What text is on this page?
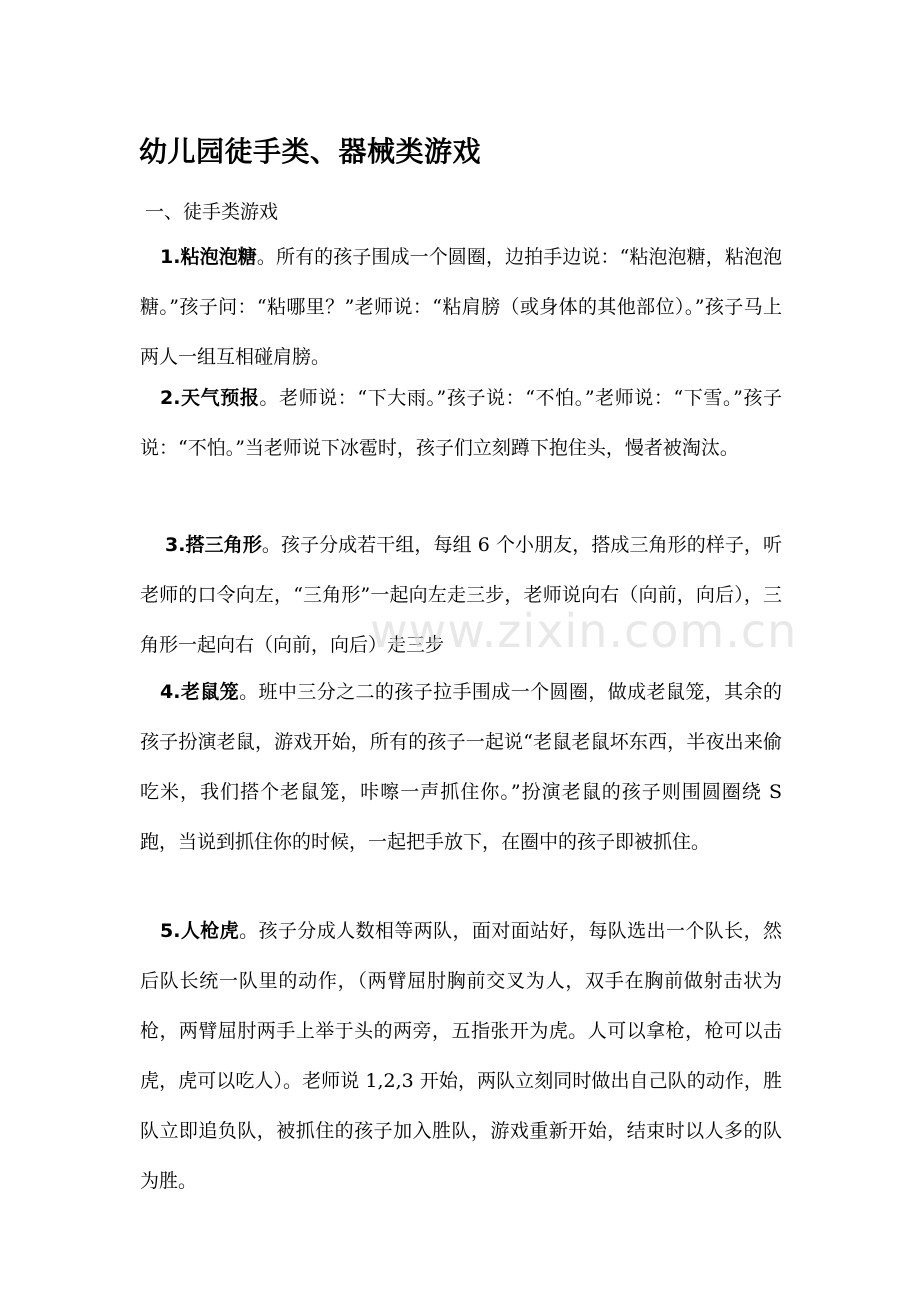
幼儿园徒手类、器械类游戏
一、徒手类游戏

1.粘泡泡糖。所有的孩子围成一个圆圈，边拍手边说：“粘泡泡糖，粘泡泡糖。”孩子问：“粘哪里？”老师说：“粘肩膀（或身体的其他部位）。”孩子马上两人一组互相碰肩膀。

2.天气预报。老师说：“下大雨。”孩子说：“不怕。”老师说：“下雪。”孩子说：“不怕。”当老师说下冰雹时，孩子们立刻蹲下抱住头，慢者被淘汰。

3.搭三角形。孩子分成若干组，每组 6 个小朋友，搭成三角形的样子，听老师的口令向左，“三角形”一起向左走三步，老师说向右（向前，向后），三角形一起向右（向前，向后）走三步

4.老鼠笼。班中三分之二的孩子拉手围成一个圆圈，做成老鼠笼，其余的孩子扮演老鼠，游戏开始，所有的孩子一起说“老鼠老鼠坏东西，半夜出来偷吃米，我们搭个老鼠笼，咔嚓一声抓住你。”扮演老鼠的孩子则围圆圈绕 S 跑，当说到抓住你的时候，一起把手放下，在圈中的孩子即被抓住。

5.人枪虎。孩子分成人数相等两队，面对面站好，每队选出一个队长，然后队长统一队里的动作，（两臂屈肘胸前交叉为人，双手在胸前做射击状为枪，两臂屈肘两手上举于头的两旁，五指张开为虎。人可以拿枪，枪可以击虎，虎可以吃人）。老师说 1,2,3 开始，两队立刻同时做出自己队的动作，胜队立即追负队，被抓住的孩子加入胜队，游戏重新开始，结束时以人多的队为胜。

www.zixin.com.cn
